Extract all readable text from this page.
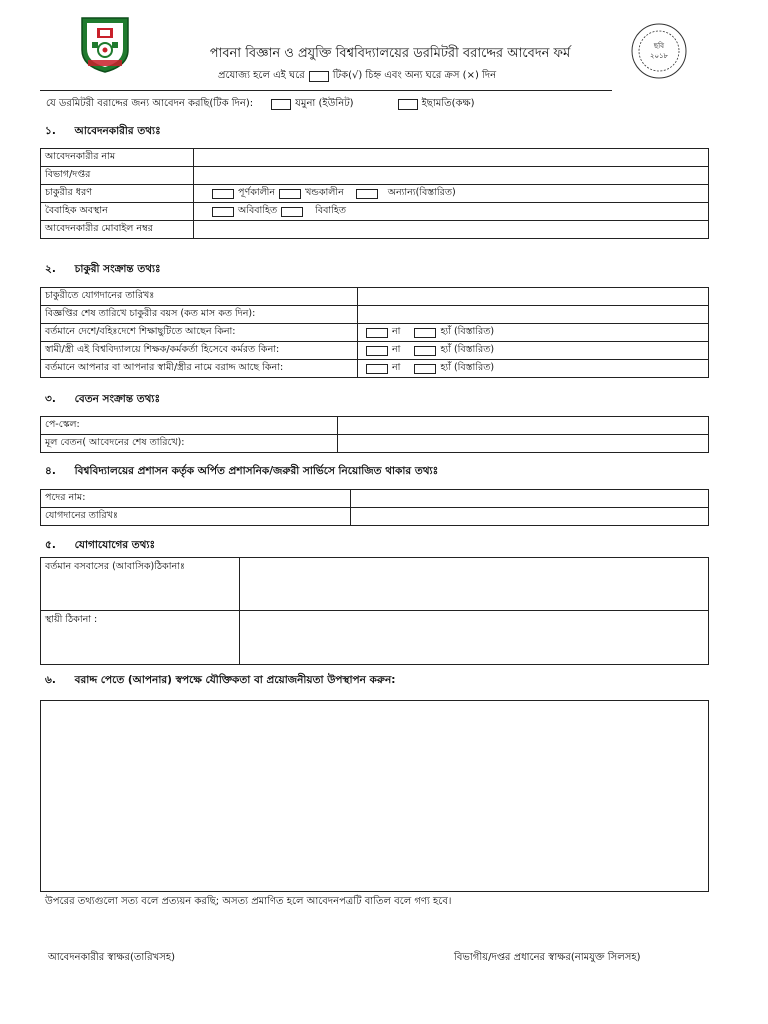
পাবনা বিজ্ঞান ও প্রযুক্তি বিশ্ববিদ্যালয়ের ডরমিটরী বরাদ্দের আবেদন ফর্ম
প্রযোজ্য হলে এই ঘরে	টিক(√) চিহ্ন এবং অন্য ঘরে ক্রস (×) দিন
ছবি
২০১৮
যে ডরমিটরী বরাদ্দের জন্য আবেদন করছি(টিক দিন):	যমুনা (ইউনিট)	ইছামতি(কক্ষ)
১. আবেদনকারীর তথ্যঃ
আবেদনকারীর নাম	
বিভাগ/দপ্তর	
চাকুরীর ধরণ	পূর্ণকালীন খন্ডকালীন অন্যান্য(বিস্তারিত)

বৈবাহিক অবস্থান	অবিবাহিত বিবাহিত

আবেদনকারীর মোবাইল নম্বর	
২. চাকুরী সংক্রান্ত তথ্যঃ
চাকুরীতে যোগদানের তারিখঃ	
বিজ্ঞপ্তির শেষ তারিখে চাকুরীর বয়স (কত মাস কত দিন):	
বর্তমানে দেশে/বহিঃদেশে শিক্ষাছুটিতে আছেন কিনা:	না হ্যাঁ (বিস্তারিত)

স্বামী/স্ত্রী এই বিশ্ববিদ্যালয়ে শিক্ষক/কর্মকর্তা হিসেবে কর্মরত কিনা:	না হ্যাঁ (বিস্তারিত)

বর্তমানে আপনার বা আপনার স্বামী/স্ত্রীর নামে বরাদ্দ আছে কিনা:	না হ্যাঁ (বিস্তারিত)
৩. বেতন সংক্রান্ত তথ্যঃ
পে-স্কেল:	
মূল বেতন( আবেদনের শেষ তারিখে):	
৪. বিশ্ববিদ্যালয়ের প্রশাসন কর্তৃক অর্পিত প্রশাসনিক/জরুরী সার্ভিসে নিয়োজিত থাকার তথ্যঃ
পদের নাম:	
যোগদানের তারিখঃ	
৫. যোগাযোগের তথ্যঃ
বর্তমান বসবাসের (আবাসিক)ঠিকানাঃ	
স্থায়ী ঠিকানা :	
৬. বরাদ্দ পেতে (আপনার) স্বপক্ষে যৌক্তিকতা বা প্রয়োজনীয়তা উপস্থাপন করুন:
উপরের তথ্যগুলো সত্য বলে প্রত্যয়ন করছি; অসত্য প্রমাণিত হলে আবেদনপত্রটি বাতিল বলে গণ্য হবে।
আবেদনকারীর স্বাক্ষর(তারিখসহ)	বিভাগীয়/দপ্তর প্রধানের স্বাক্ষর(নামযুক্ত সিলসহ)
